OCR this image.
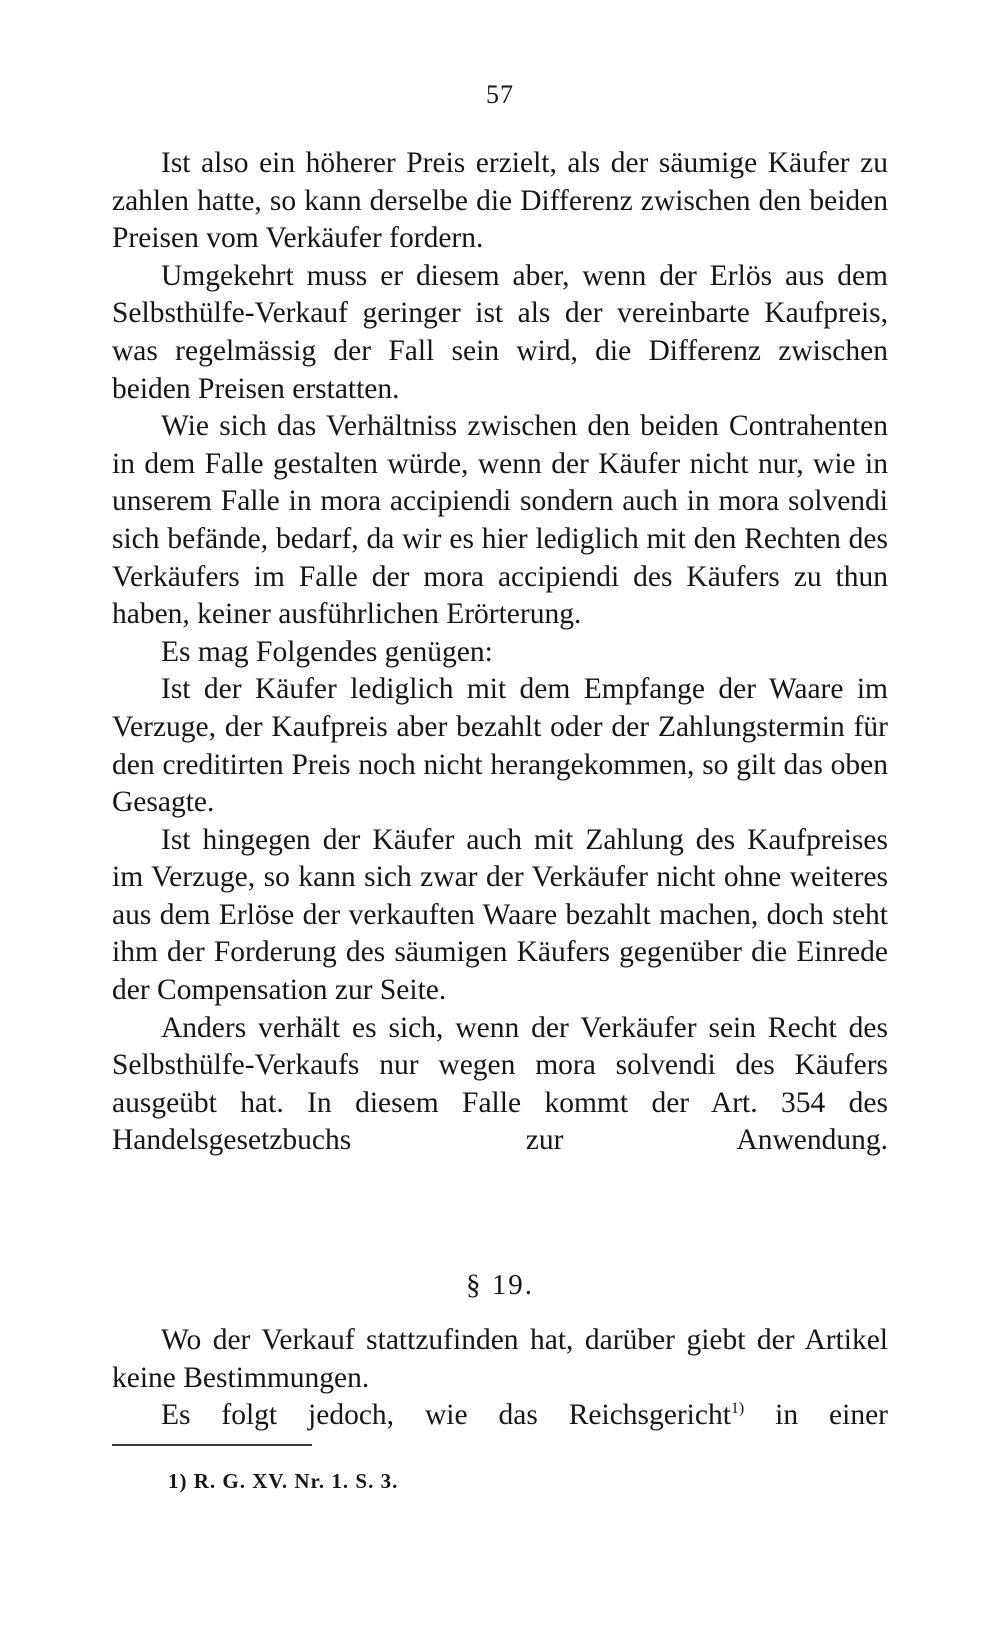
57

Ist also ein höherer Preis erzielt, als der säumige Käufer zu zahlen hatte, so kann derselbe die Differenz zwischen den beiden Preisen vom Verkäufer fordern.

Umgekehrt muss er diesem aber, wenn der Erlös aus dem Selbsthülfe-Verkauf geringer ist als der vereinbarte Kaufpreis, was regelmässig der Fall sein wird, die Differenz zwischen beiden Preisen erstatten.

Wie sich das Verhältniss zwischen den beiden Contrahenten in dem Falle gestalten würde, wenn der Käufer nicht nur, wie in unserem Falle in mora accipiendi sondern auch in mora solvendi sich befände, bedarf, da wir es hier lediglich mit den Rechten des Verkäufers im Falle der mora accipiendi des Käufers zu thun haben, keiner ausführlichen Erörterung.

Es mag Folgendes genügen:

Ist der Käufer lediglich mit dem Empfange der Waare im Verzuge, der Kaufpreis aber bezahlt oder der Zahlungstermin für den creditirten Preis noch nicht herangekommen, so gilt das oben Gesagte.

Ist hingegen der Käufer auch mit Zahlung des Kaufpreises im Verzuge, so kann sich zwar der Verkäufer nicht ohne weiteres aus dem Erlöse der verkauften Waare bezahlt machen, doch steht ihm der Forderung des säumigen Käufers gegenüber die Einrede der Compensation zur Seite.

Anders verhält es sich, wenn der Verkäufer sein Recht des Selbsthülfe-Verkaufs nur wegen mora solvendi des Käufers ausgeübt hat. In diesem Falle kommt der Art. 354 des Handelsgesetzbuchs zur Anwendung.

§ 19.

Wo der Verkauf stattzufinden hat, darüber giebt der Artikel keine Bestimmungen.

Es folgt jedoch, wie das Reichsgericht$^{1)}$ in einer

1) R. G. XV. Nr. 1. S. 3.
